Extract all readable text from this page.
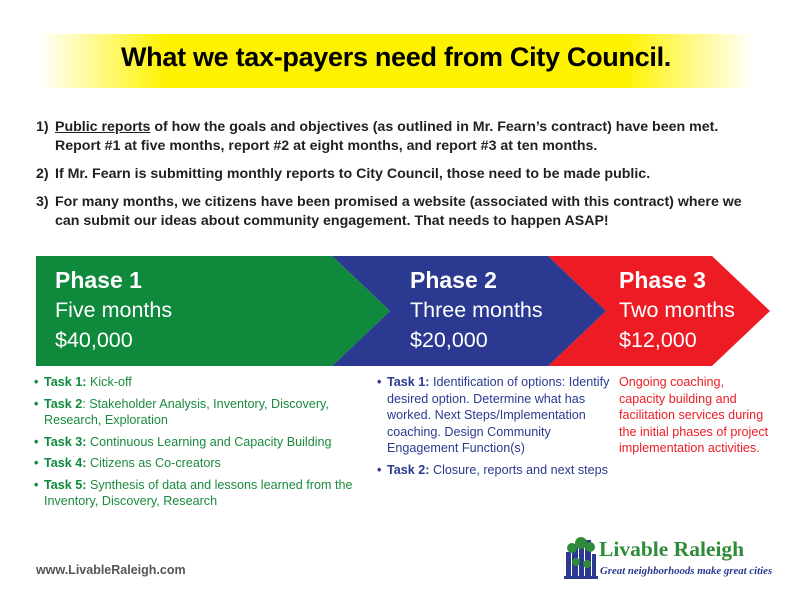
What we tax-payers need from City Council.
1) Public reports of how the goals and objectives (as outlined in Mr. Fearn’s contract) have been met. Report #1 at five months, report #2 at eight months, and report #3 at ten months.
2) If Mr. Fearn is submitting monthly reports to City Council, those need to be made public.
3) For many months, we citizens have been promised a website (associated with this contract) where we can submit our ideas about community engagement. That needs to happen ASAP!
Phase 1
Five months
$40,000
Phase 2
Three months
$20,000
Phase 3
Two months
$12,000
• Task 1: Kick-off
• Task 2: Stakeholder Analysis, Inventory, Discovery, Research, Exploration
• Task 3: Continuous Learning and Capacity Building
• Task 4: Citizens as Co-creators
• Task 5: Synthesis of data and lessons learned from the Inventory, Discovery, Research
• Task 1: Identification of options: Identify desired option. Determine what has worked. Next Steps/Implementation coaching. Design Community Engagement Function(s)
• Task 2: Closure, reports and next steps
Ongoing coaching, capacity building and facilitation services during the initial phases of project implementation activities.
www.LivableRaleigh.com
Livable Raleigh
Great neighborhoods make great cities
